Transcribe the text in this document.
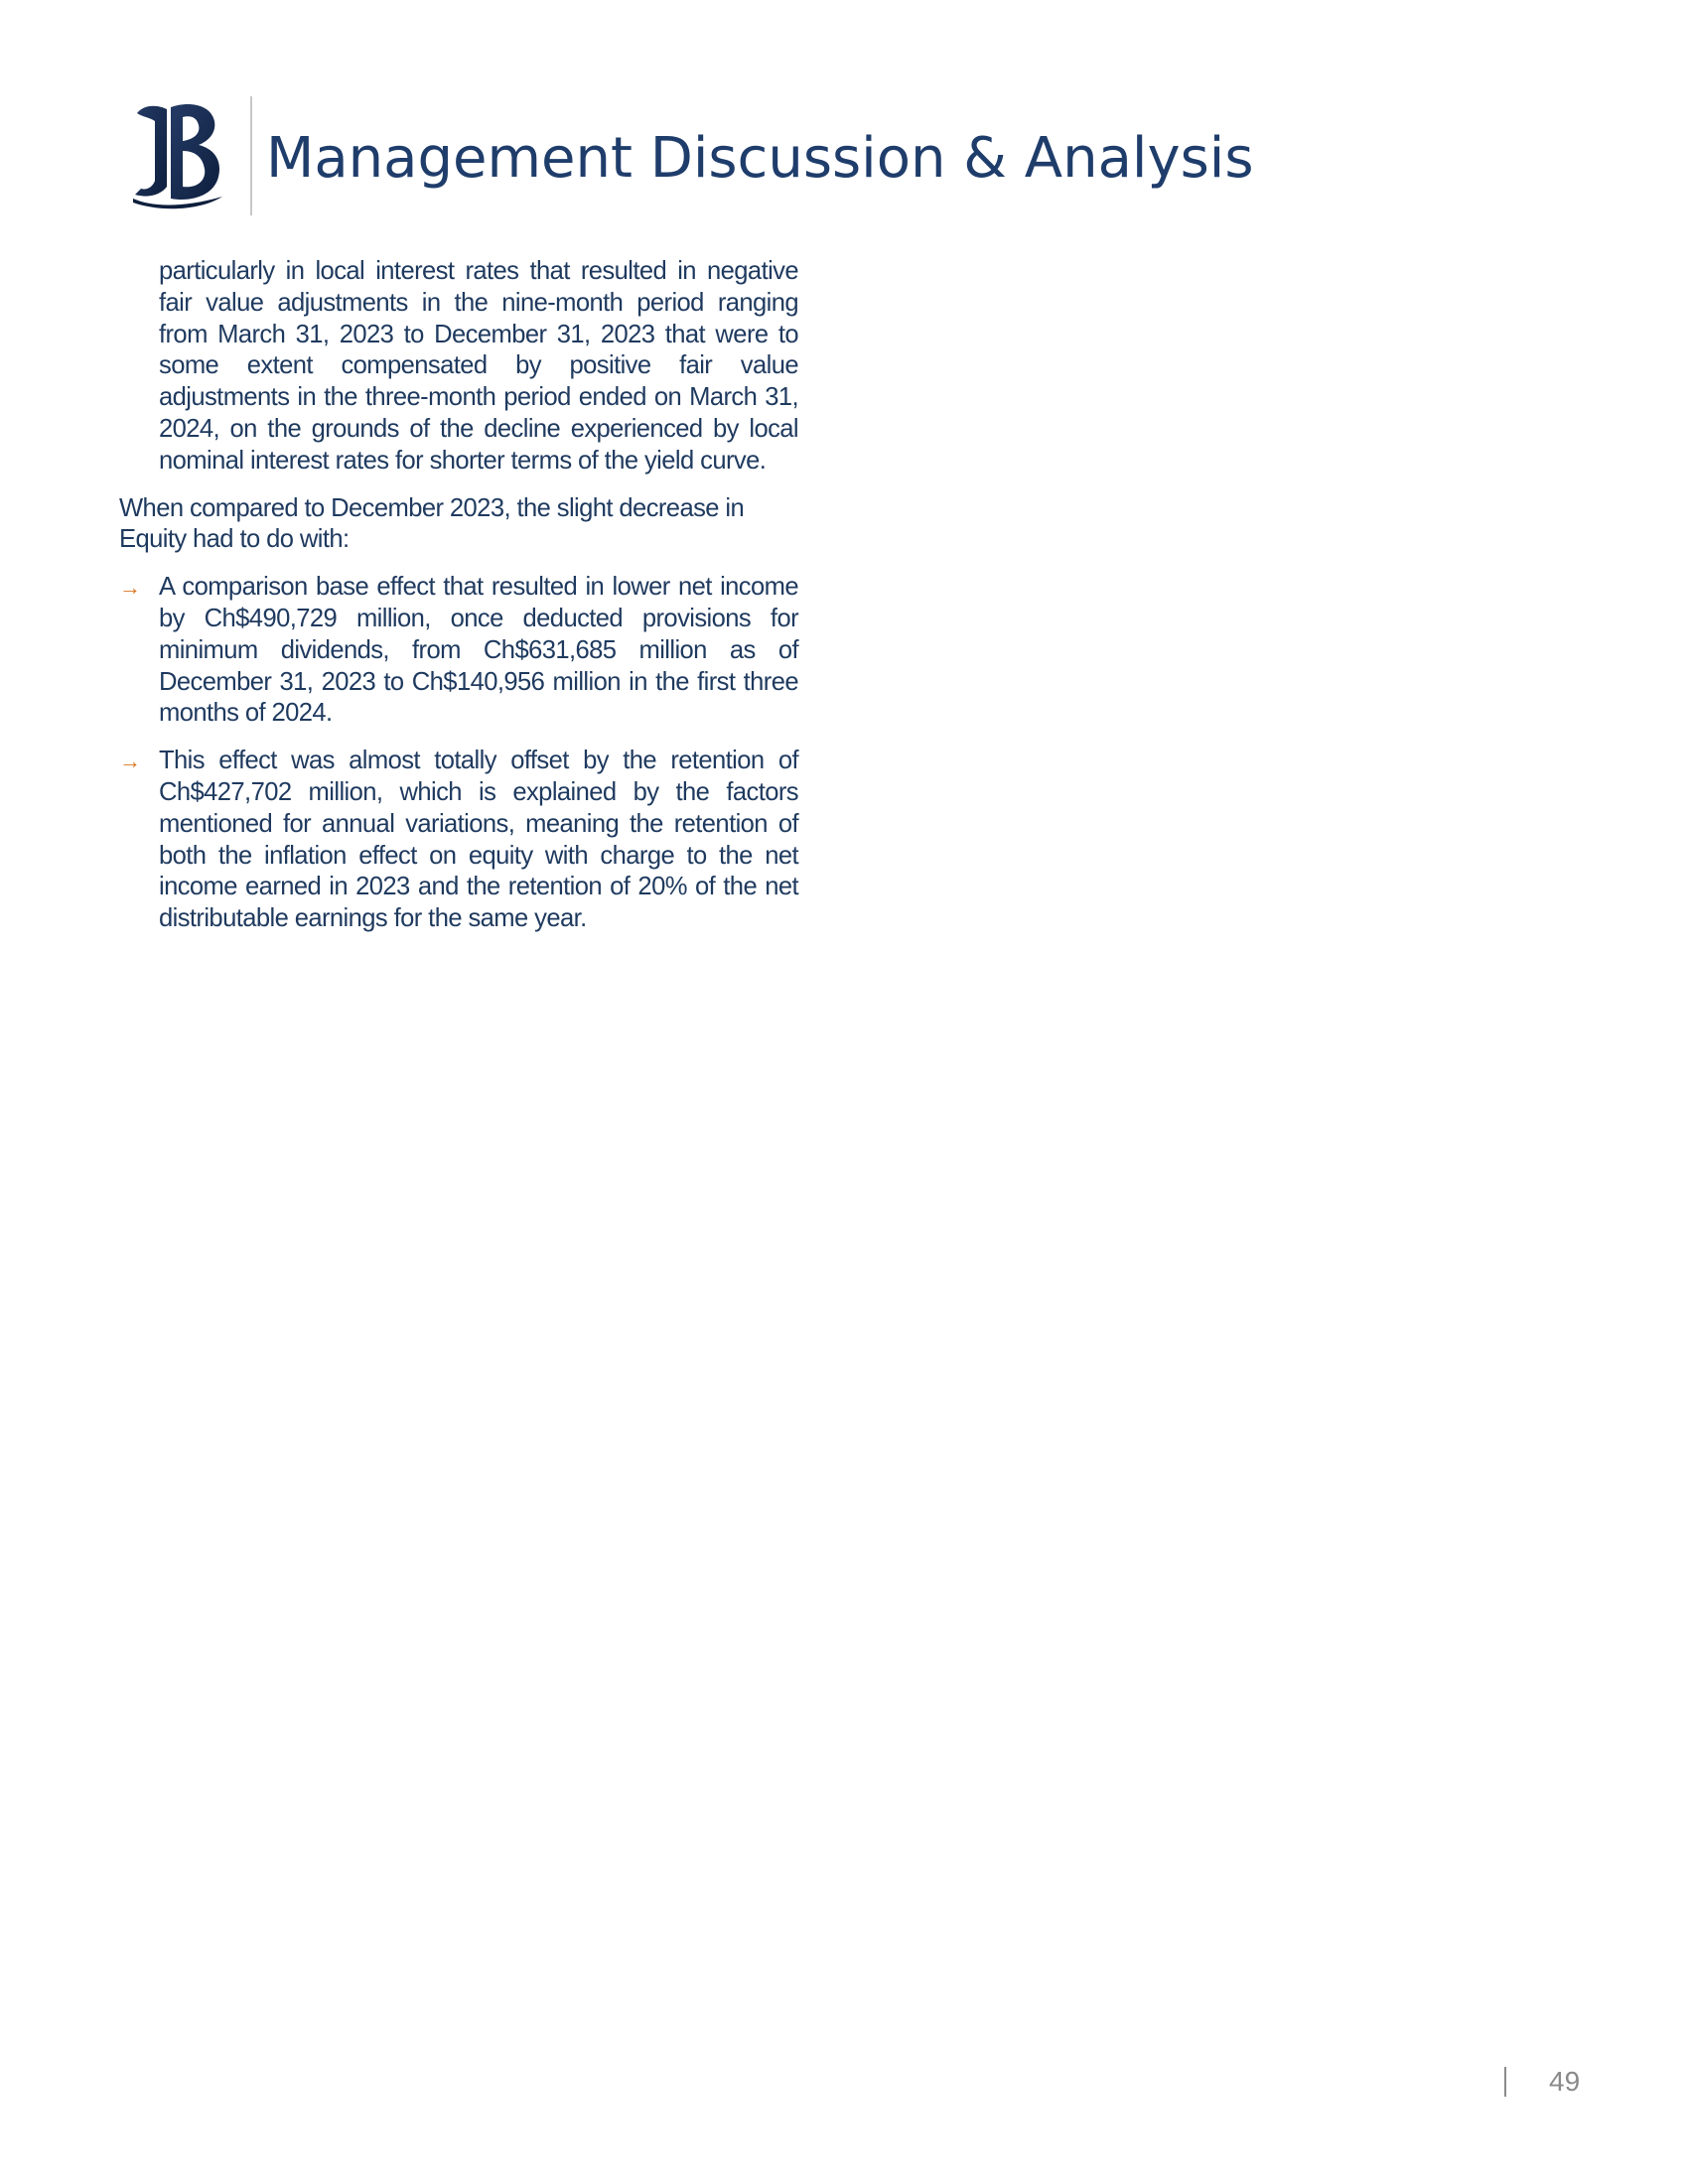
Management Discussion & Analysis

particularly in local interest rates that resulted in negative fair value adjustments in the nine-month period ranging from March 31, 2023 to December 31, 2023 that were to some extent compensated by positive fair value adjustments in the three-month period ended on March 31, 2024, on the grounds of the decline experienced by local nominal interest rates for shorter terms of the yield curve.

When compared to December 2023, the slight decrease in Equity had to do with:

→ A comparison base effect that resulted in lower net income by Ch$490,729 million, once deducted provisions for minimum dividends, from Ch$631,685 million as of December 31, 2023 to Ch$140,956 million in the first three months of 2024.
→ This effect was almost totally offset by the retention of Ch$427,702 million, which is explained by the factors mentioned for annual variations, meaning the retention of both the inflation effect on equity with charge to the net income earned in 2023 and the retention of 20% of the net distributable earnings for the same year.
49
